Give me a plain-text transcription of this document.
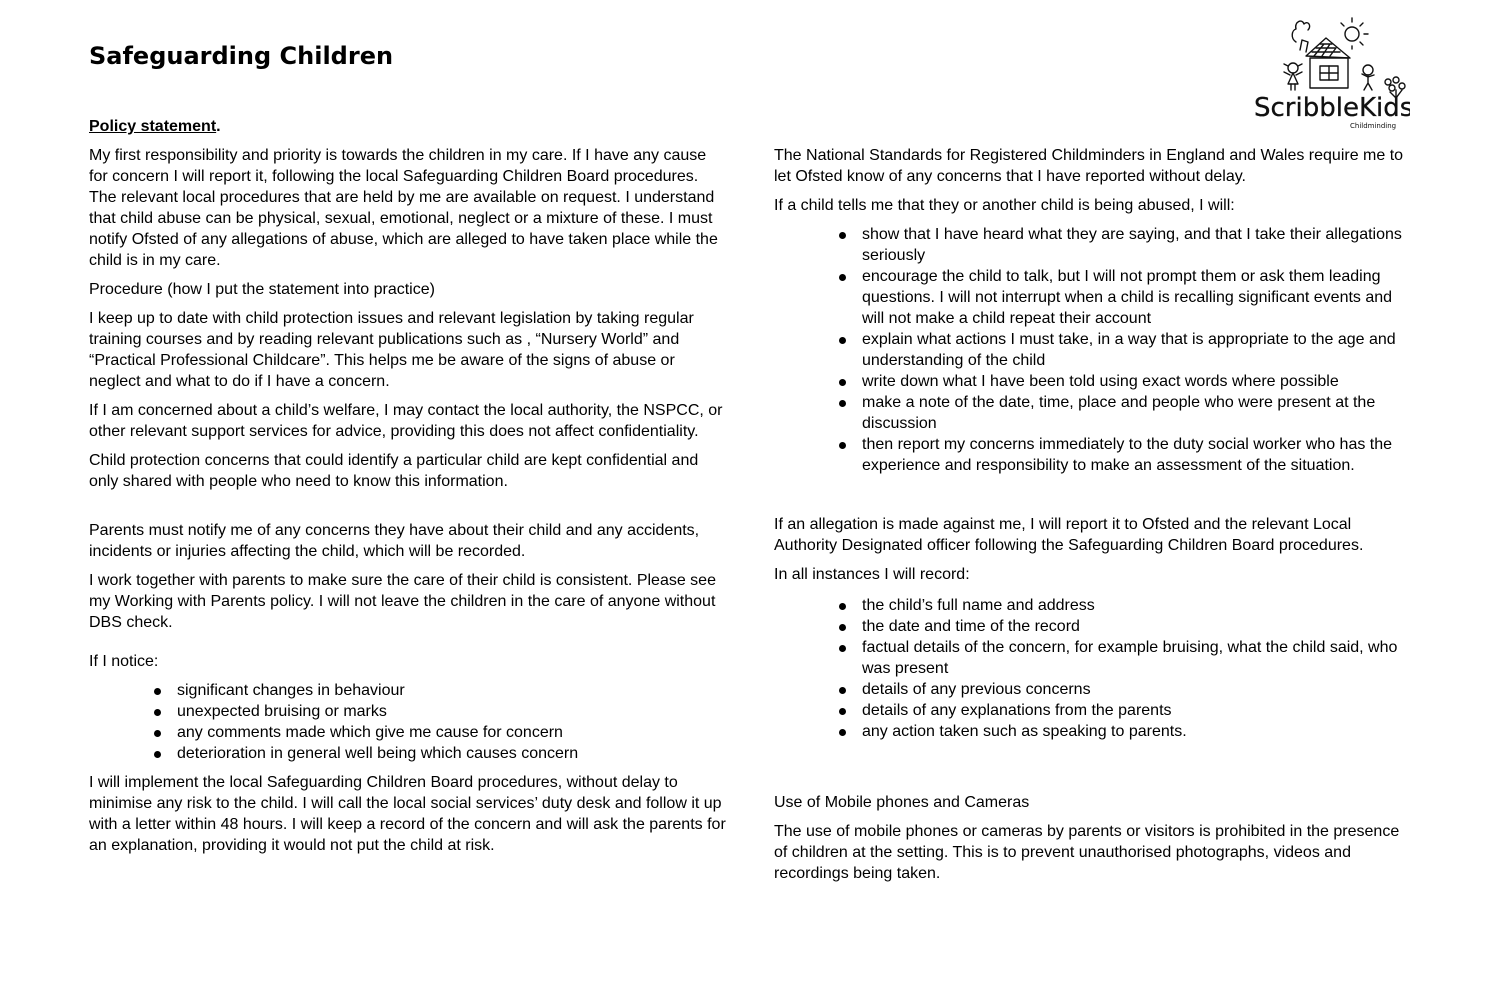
Safeguarding Children
ScribbleKids
Childminding

Policy statement.

My first responsibility and priority is towards the children in my care. If I have any cause for concern I will report it, following the local Safeguarding Children Board procedures. The relevant local procedures that are held by me are available on request. I understand that child abuse can be physical, sexual, emotional, neglect or a mixture of these. I must notify Ofsted of any allegations of abuse, which are alleged to have taken place while the child is in my care.

Procedure (how I put the statement into practice)

I keep up to date with child protection issues and relevant legislation by taking regular training courses and by reading relevant publications such as , “Nursery World” and “Practical Professional Childcare”. This helps me be aware of the signs of abuse or neglect and what to do if I have a concern.

If I am concerned about a child’s welfare, I may contact the local authority, the NSPCC, or other relevant support services for advice, providing this does not affect confidentiality.

Child protection concerns that could identify a particular child are kept confidential and only shared with people who need to know this information.

Parents must notify me of any concerns they have about their child and any accidents, incidents or injuries affecting the child, which will be recorded.

I work together with parents to make sure the care of their child is consistent. Please see my Working with Parents policy. I will not leave the children in the care of anyone without DBS check.

If I notice:

significant changes in behaviour
unexpected bruising or marks
any comments made which give me cause for concern
deterioration in general well being which causes concern

I will implement the local Safeguarding Children Board procedures, without delay to minimise any risk to the child. I will call the local social services’ duty desk and follow it up with a letter within 48 hours. I will keep a record of the concern and will ask the parents for an explanation, providing it would not put the child at risk.

The National Standards for Registered Childminders in England and Wales require me to let Ofsted know of any concerns that I have reported without delay.

If a child tells me that they or another child is being abused, I will:

show that I have heard what they are saying, and that I take their allegations seriously
encourage the child to talk, but I will not prompt them or ask them leading questions. I will not interrupt when a child is recalling significant events and will not make a child repeat their account
explain what actions I must take, in a way that is appropriate to the age and understanding of the child
write down what I have been told using exact words where possible
make a note of the date, time, place and people who were present at the discussion
then report my concerns immediately to the duty social worker who has the experience and responsibility to make an assessment of the situation.

If an allegation is made against me, I will report it to Ofsted and the relevant Local Authority Designated officer following the Safeguarding Children Board procedures.

In all instances I will record:

the child’s full name and address
the date and time of the record
factual details of the concern, for example bruising, what the child said, who was present
details of any previous concerns
details of any explanations from the parents
any action taken such as speaking to parents.

Use of Mobile phones and Cameras

The use of mobile phones or cameras by parents or visitors is prohibited in the presence of children at the setting. This is to prevent unauthorised photographs, videos and recordings being taken.
